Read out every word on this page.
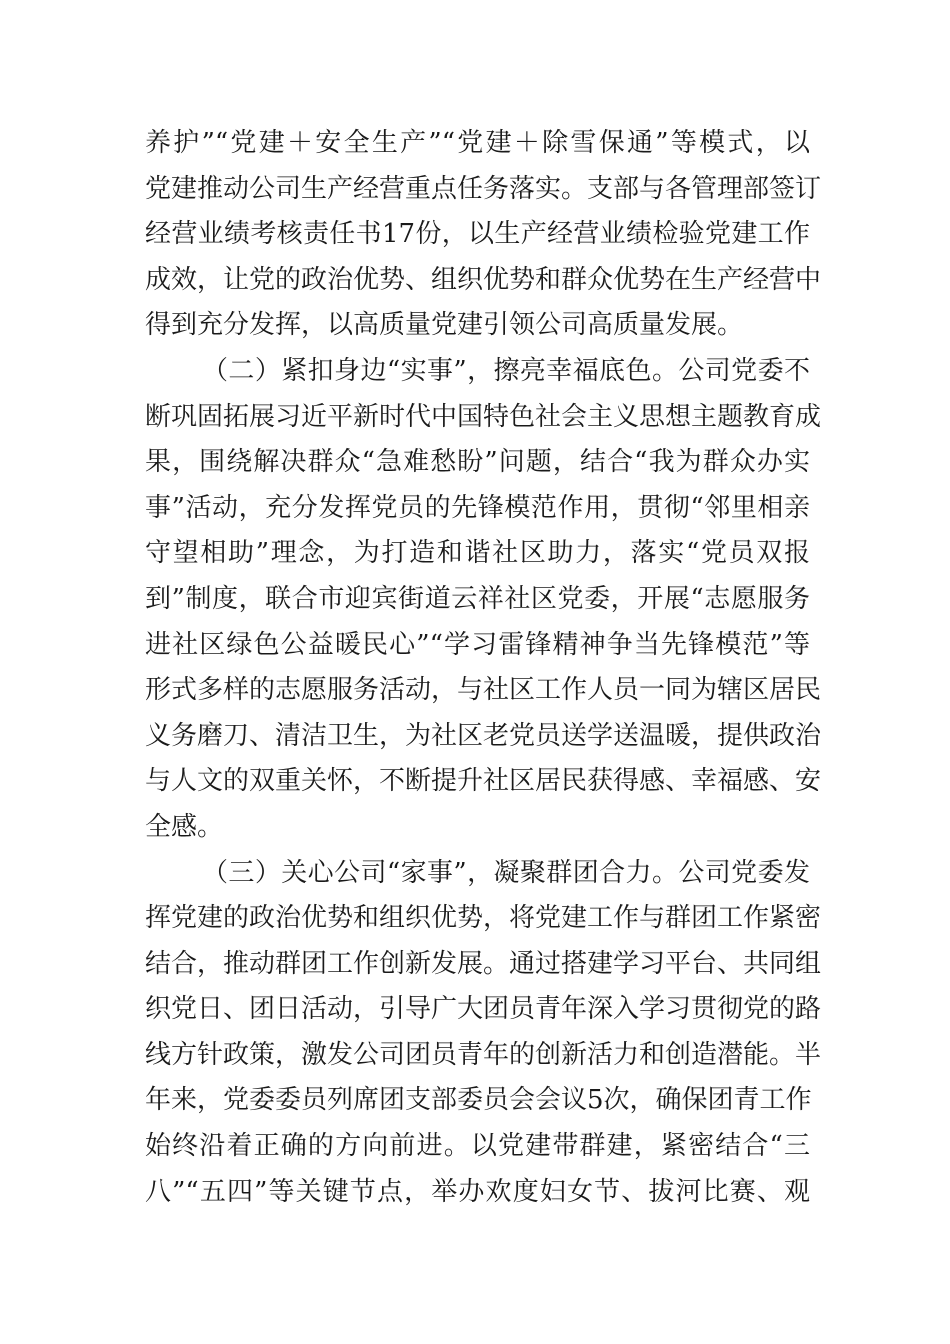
养护”“党建＋安全生产”“党建＋除雪保通”等模式，以
党建推动公司生产经营重点任务落实。支部与各管理部签订
经营业绩考核责任书17份，以生产经营业绩检验党建工作
成效，让党的政治优势、组织优势和群众优势在生产经营中
得到充分发挥，以高质量党建引领公司高质量发展。
（二）紧扣身边“实事”，擦亮幸福底色。公司党委不
断巩固拓展习近平新时代中国特色社会主义思想主题教育成
果，围绕解决群众“急难愁盼”问题，结合“我为群众办实
事”活动，充分发挥党员的先锋模范作用，贯彻“邻里相亲
守望相助”理念，为打造和谐社区助力，落实“党员双报
到”制度，联合市迎宾街道云祥社区党委，开展“志愿服务
进社区绿色公益暖民心”“学习雷锋精神争当先锋模范”等
形式多样的志愿服务活动，与社区工作人员一同为辖区居民
义务磨刀、清洁卫生，为社区老党员送学送温暖，提供政治
与人文的双重关怀，不断提升社区居民获得感、幸福感、安
全感。
（三）关心公司“家事”，凝聚群团合力。公司党委发
挥党建的政治优势和组织优势，将党建工作与群团工作紧密
结合，推动群团工作创新发展。通过搭建学习平台、共同组
织党日、团日活动，引导广大团员青年深入学习贯彻党的路
线方针政策，激发公司团员青年的创新活力和创造潜能。半
年来，党委委员列席团支部委员会会议5次，确保团青工作
始终沿着正确的方向前进。以党建带群建，紧密结合“三
八”“五四”等关键节点，举办欢度妇女节、拔河比赛、观
